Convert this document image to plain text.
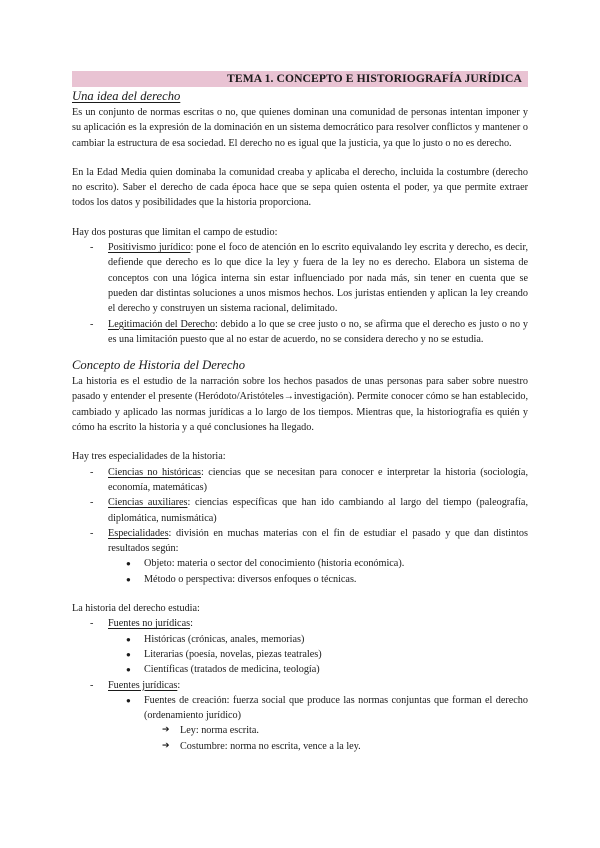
TEMA 1. CONCEPTO E HISTORIOGRAFÍA JURÍDICA
Una idea del derecho

Es un conjunto de normas escritas o no, que quienes dominan una comunidad de personas intentan imponer y su aplicación es la expresión de la dominación en un sistema democrático para resolver conflictos y mantener o cambiar la estructura de esa sociedad. El derecho no es igual que la justicia, ya que lo justo o no es derecho.

En la Edad Media quien dominaba la comunidad creaba y aplicaba el derecho, incluida la costumbre (derecho no escrito). Saber el derecho de cada época hace que se sepa quien ostenta el poder, ya que permite extraer todos los datos y posibilidades que la historia proporciona.

Hay dos posturas que limitan el campo de estudio:

- Positivismo jurídico: pone el foco de atención en lo escrito equivalando ley escrita y derecho, es decir, defiende que derecho es lo que dice la ley y fuera de la ley no es derecho. Elabora un sistema de conceptos con una lógica interna sin estar influenciado por nada más, sin tener en cuenta que se pueden dar distintas soluciones a unos mismos hechos. Los juristas entienden y aplican la ley creando el derecho y construyen un sistema racional, delimitado.
- Legitimación del Derecho: debido a lo que se cree justo o no, se afirma que el derecho es justo o no y es una limitación puesto que al no estar de acuerdo, no se considera derecho y no se estudia.
Concepto de Historia del Derecho

La historia es el estudio de la narración sobre los hechos pasados de unas personas para saber sobre nuestro pasado y entender el presente (Heródoto/Aristóteles→investigación). Permite conocer cómo se han establecido, cambiado y aplicado las normas jurídicas a lo largo de los tiempos. Mientras que, la historiografía es quién y cómo ha escrito la historia y a qué conclusiones ha llegado.

Hay tres especialidades de la historia:

- Ciencias no históricas: ciencias que se necesitan para conocer e interpretar la historia (sociología, economía, matemáticas)
- Ciencias auxiliares: ciencias específicas que han ido cambiando al largo del tiempo (paleografía, diplomática, numismática)
- Especialidades: división en muchas materias con el fin de estudiar el pasado y que dan distintos resultados según:
● Objeto: materia o sector del conocimiento (historia económica).
● Método o perspectiva: diversos enfoques o técnicas.

La historia del derecho estudia:

- Fuentes no jurídicas:
● Históricas (crónicas, anales, memorias)
● Literarias (poesía, novelas, piezas teatrales)
● Científicas (tratados de medicina, teología)
- Fuentes jurídicas:
● Fuentes de creación: fuerza social que produce las normas conjuntas que forman el derecho (ordenamiento jurídico)
➔ Ley: norma escrita.
➔ Costumbre: norma no escrita, vence a la ley.
